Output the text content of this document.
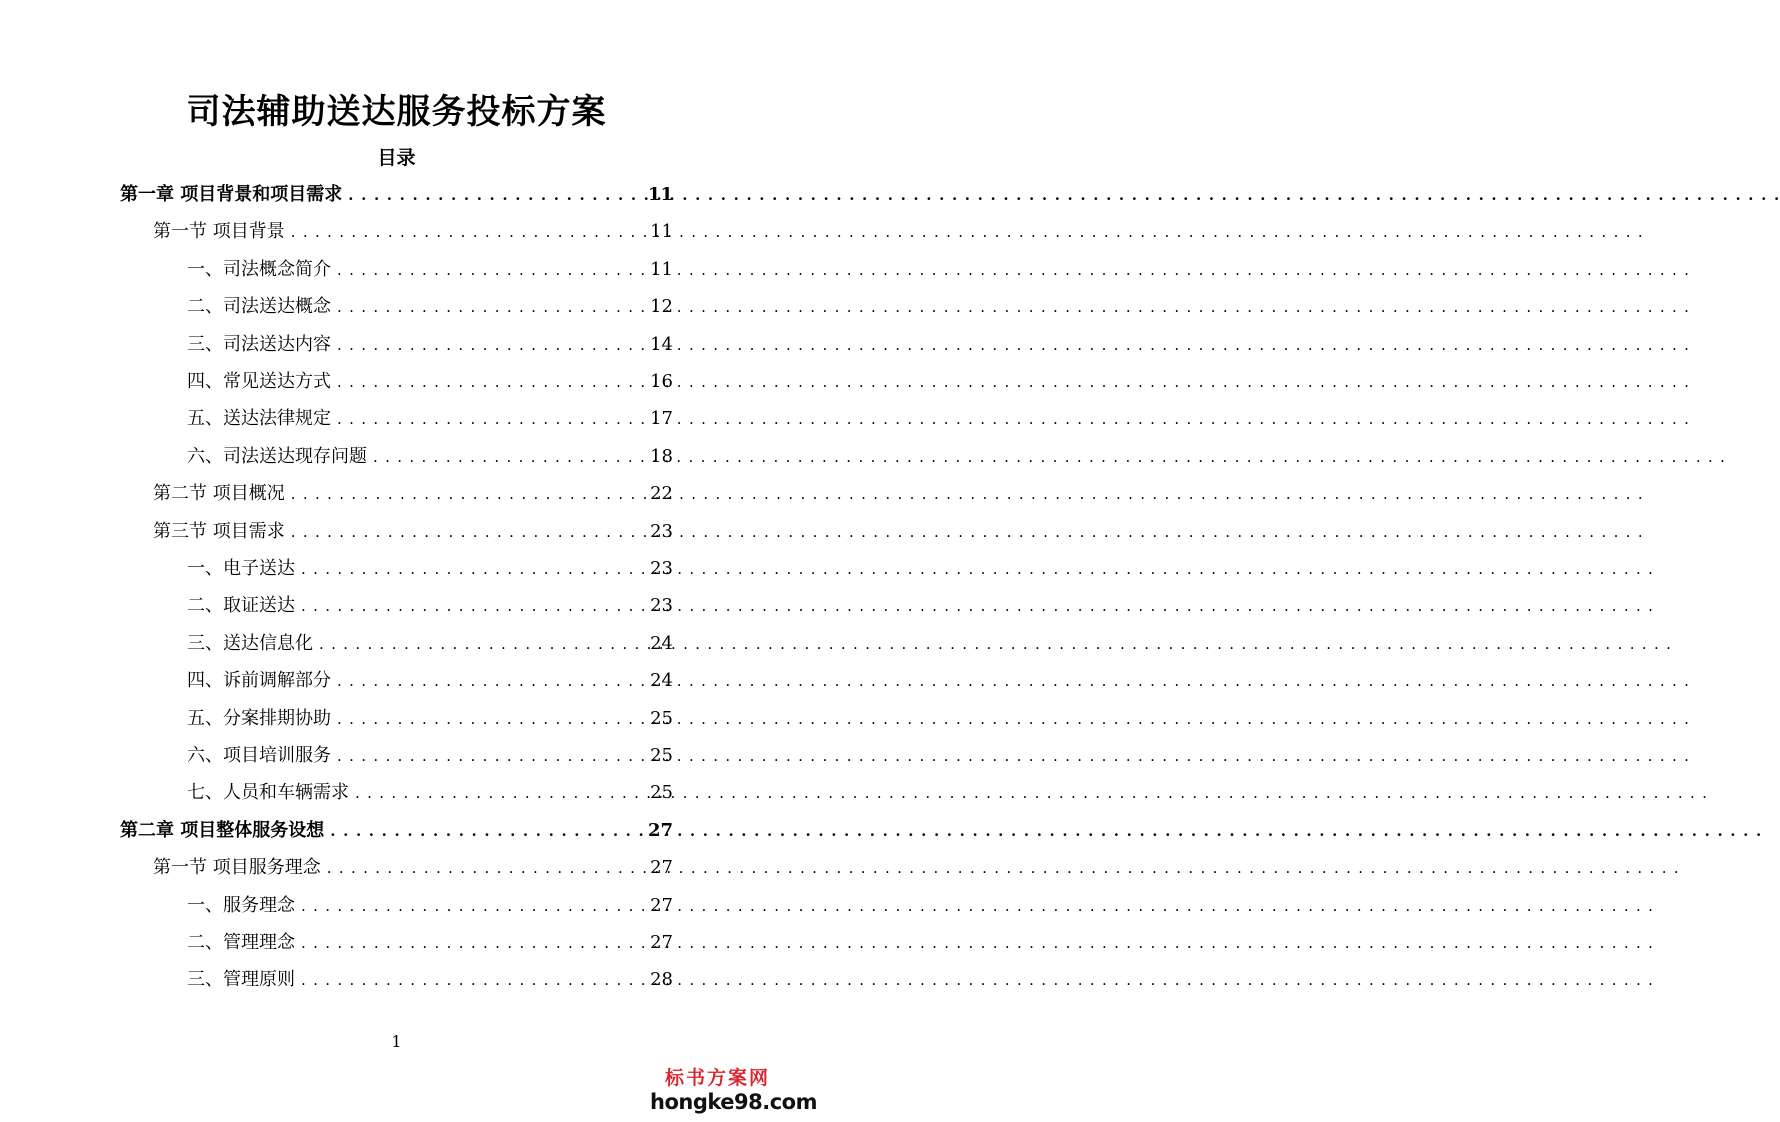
司法辅助送达服务投标方案
目录
第一章 项目背景和项目需求 . . .	11
第一节 项目背景 . . .	11
一、司法概念简介 . . .	11
二、司法送达概念 . . .	12
三、司法送达内容 . . .	14
四、常见送达方式 . . .	16
五、送达法律规定 . . .	17
六、司法送达现存问题 . . .	18
第二节 项目概况 . . .	22
第三节 项目需求 . . .	23
一、电子送达 . . .	23
二、取证送达 . . .	23
三、送达信息化 . . .	24
四、诉前调解部分 . . .	24
五、分案排期协助 . . .	25
六、项目培训服务 . . .	25
七、人员和车辆需求 . . .	25
第二章 项目整体服务设想 . . .	27
第一节 项目服务理念 . . .	27
一、服务理念 . . .	27
二、管理理念 . . .	27
三、管理原则 . . .	28
1
标书方案网
hongke98.com
